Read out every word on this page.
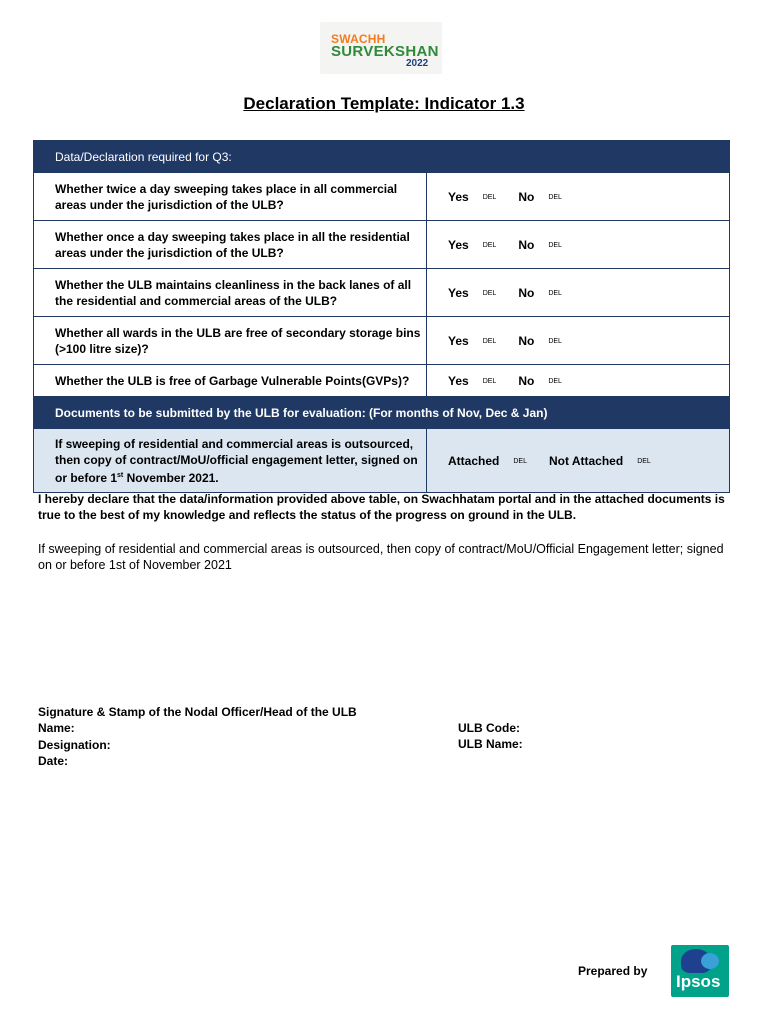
SWACHH
SURVEKSHAN
2022
Declaration Template: Indicator 1.3
Data/Declaration required for Q3:	
Whether twice a day sweeping takes place in all commercial areas under the jurisdiction of the ULB?	Yes DEL No DEL
Whether once a day sweeping takes place in all the residential areas under the jurisdiction of the ULB?	Yes DEL No DEL
Whether the ULB maintains cleanliness in the back lanes of all the residential and commercial areas of the ULB?	Yes DEL No DEL
Whether all wards in the ULB are free of secondary storage bins (>100 litre size)?	Yes DEL No DEL
Whether the ULB is free of Garbage Vulnerable Points(GVPs)?	Yes DEL No DEL
Documents to be submitted by the ULB for evaluation: (For months of Nov, Dec & Jan)	
If sweeping of residential and commercial areas is outsourced, then copy of contract/MoU/official engagement letter, signed on or before 1st November 2021.	Attached DEL Not Attached DEL
I hereby declare that the data/information provided above table, on Swachhatam portal and in the attached documents is true to the best of my knowledge and reflects the status of the progress on ground in the ULB.
If sweeping of residential and commercial areas is outsourced, then copy of contract/MoU/Official Engagement letter; signed on or before 1st of November 2021
Signature & Stamp of the Nodal Officer/Head of the ULB
Name:
Designation:
Date:
ULB Code:
ULB Name:
Prepared by
Ipsos
